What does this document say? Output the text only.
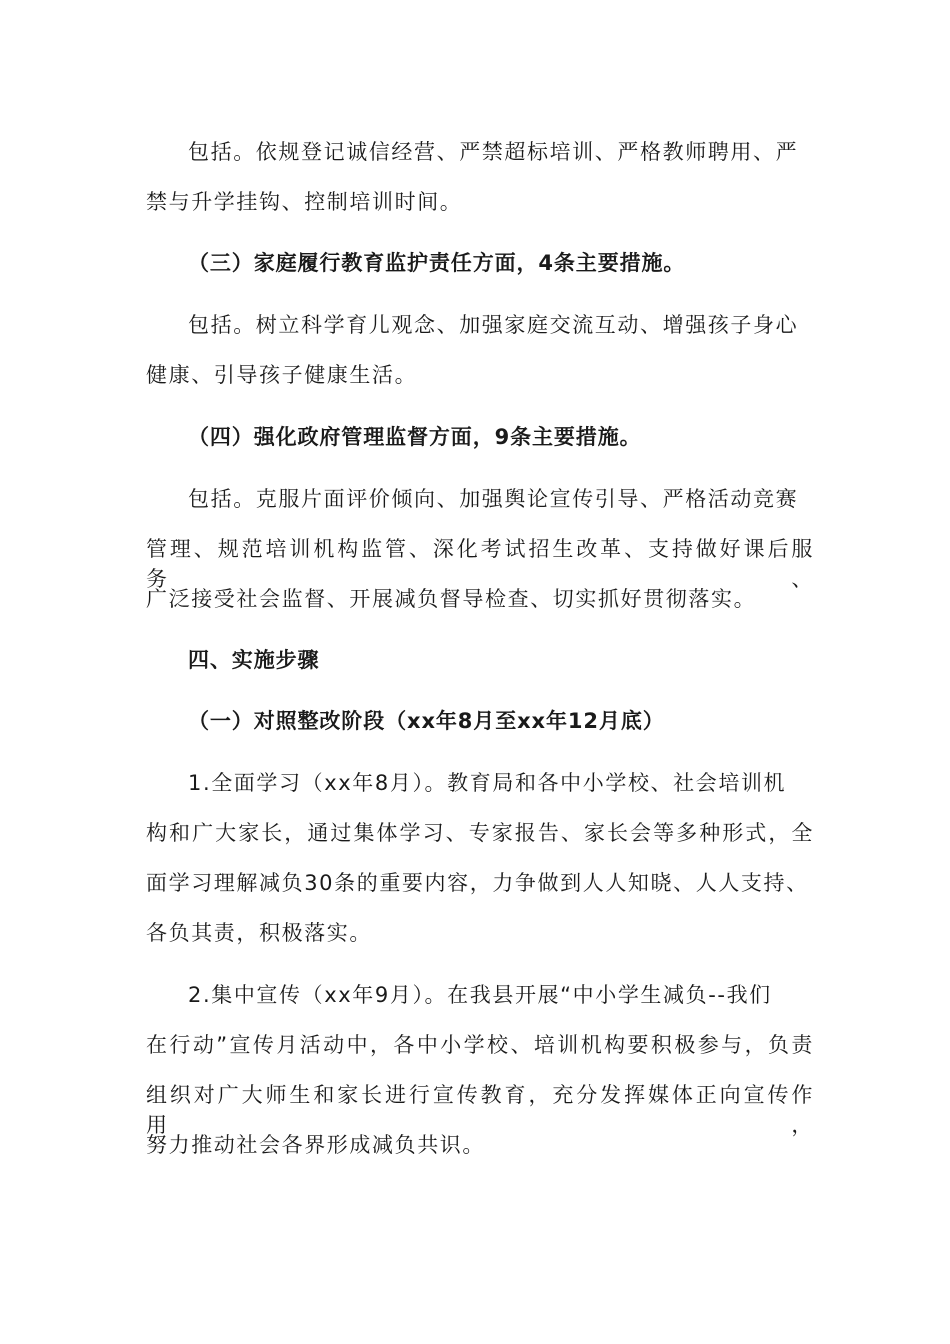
包括。依规登记诚信经营、严禁超标培训、严格教师聘用、严
禁与升学挂钩、控制培训时间。
（三）家庭履行教育监护责任方面，4条主要措施。
包括。树立科学育儿观念、加强家庭交流互动、增强孩子身心
健康、引导孩子健康生活。
（四）强化政府管理监督方面，9条主要措施。
包括。克服片面评价倾向、加强舆论宣传引导、严格活动竞赛
管理、规范培训机构监管、深化考试招生改革、支持做好课后服务、
广泛接受社会监督、开展减负督导检查、切实抓好贯彻落实。
四、实施步骤
（一）对照整改阶段（xx年8月至xx年12月底）
1.全面学习（xx年8月）。教育局和各中小学校、社会培训机
构和广大家长，通过集体学习、专家报告、家长会等多种形式，全
面学习理解减负30条的重要内容，力争做到人人知晓、人人支持、
各负其责，积极落实。
2.集中宣传（xx年9月）。在我县开展“中小学生减负--我们
在行动”宣传月活动中，各中小学校、培训机构要积极参与，负责
组织对广大师生和家长进行宣传教育，充分发挥媒体正向宣传作用，
努力推动社会各界形成减负共识。
